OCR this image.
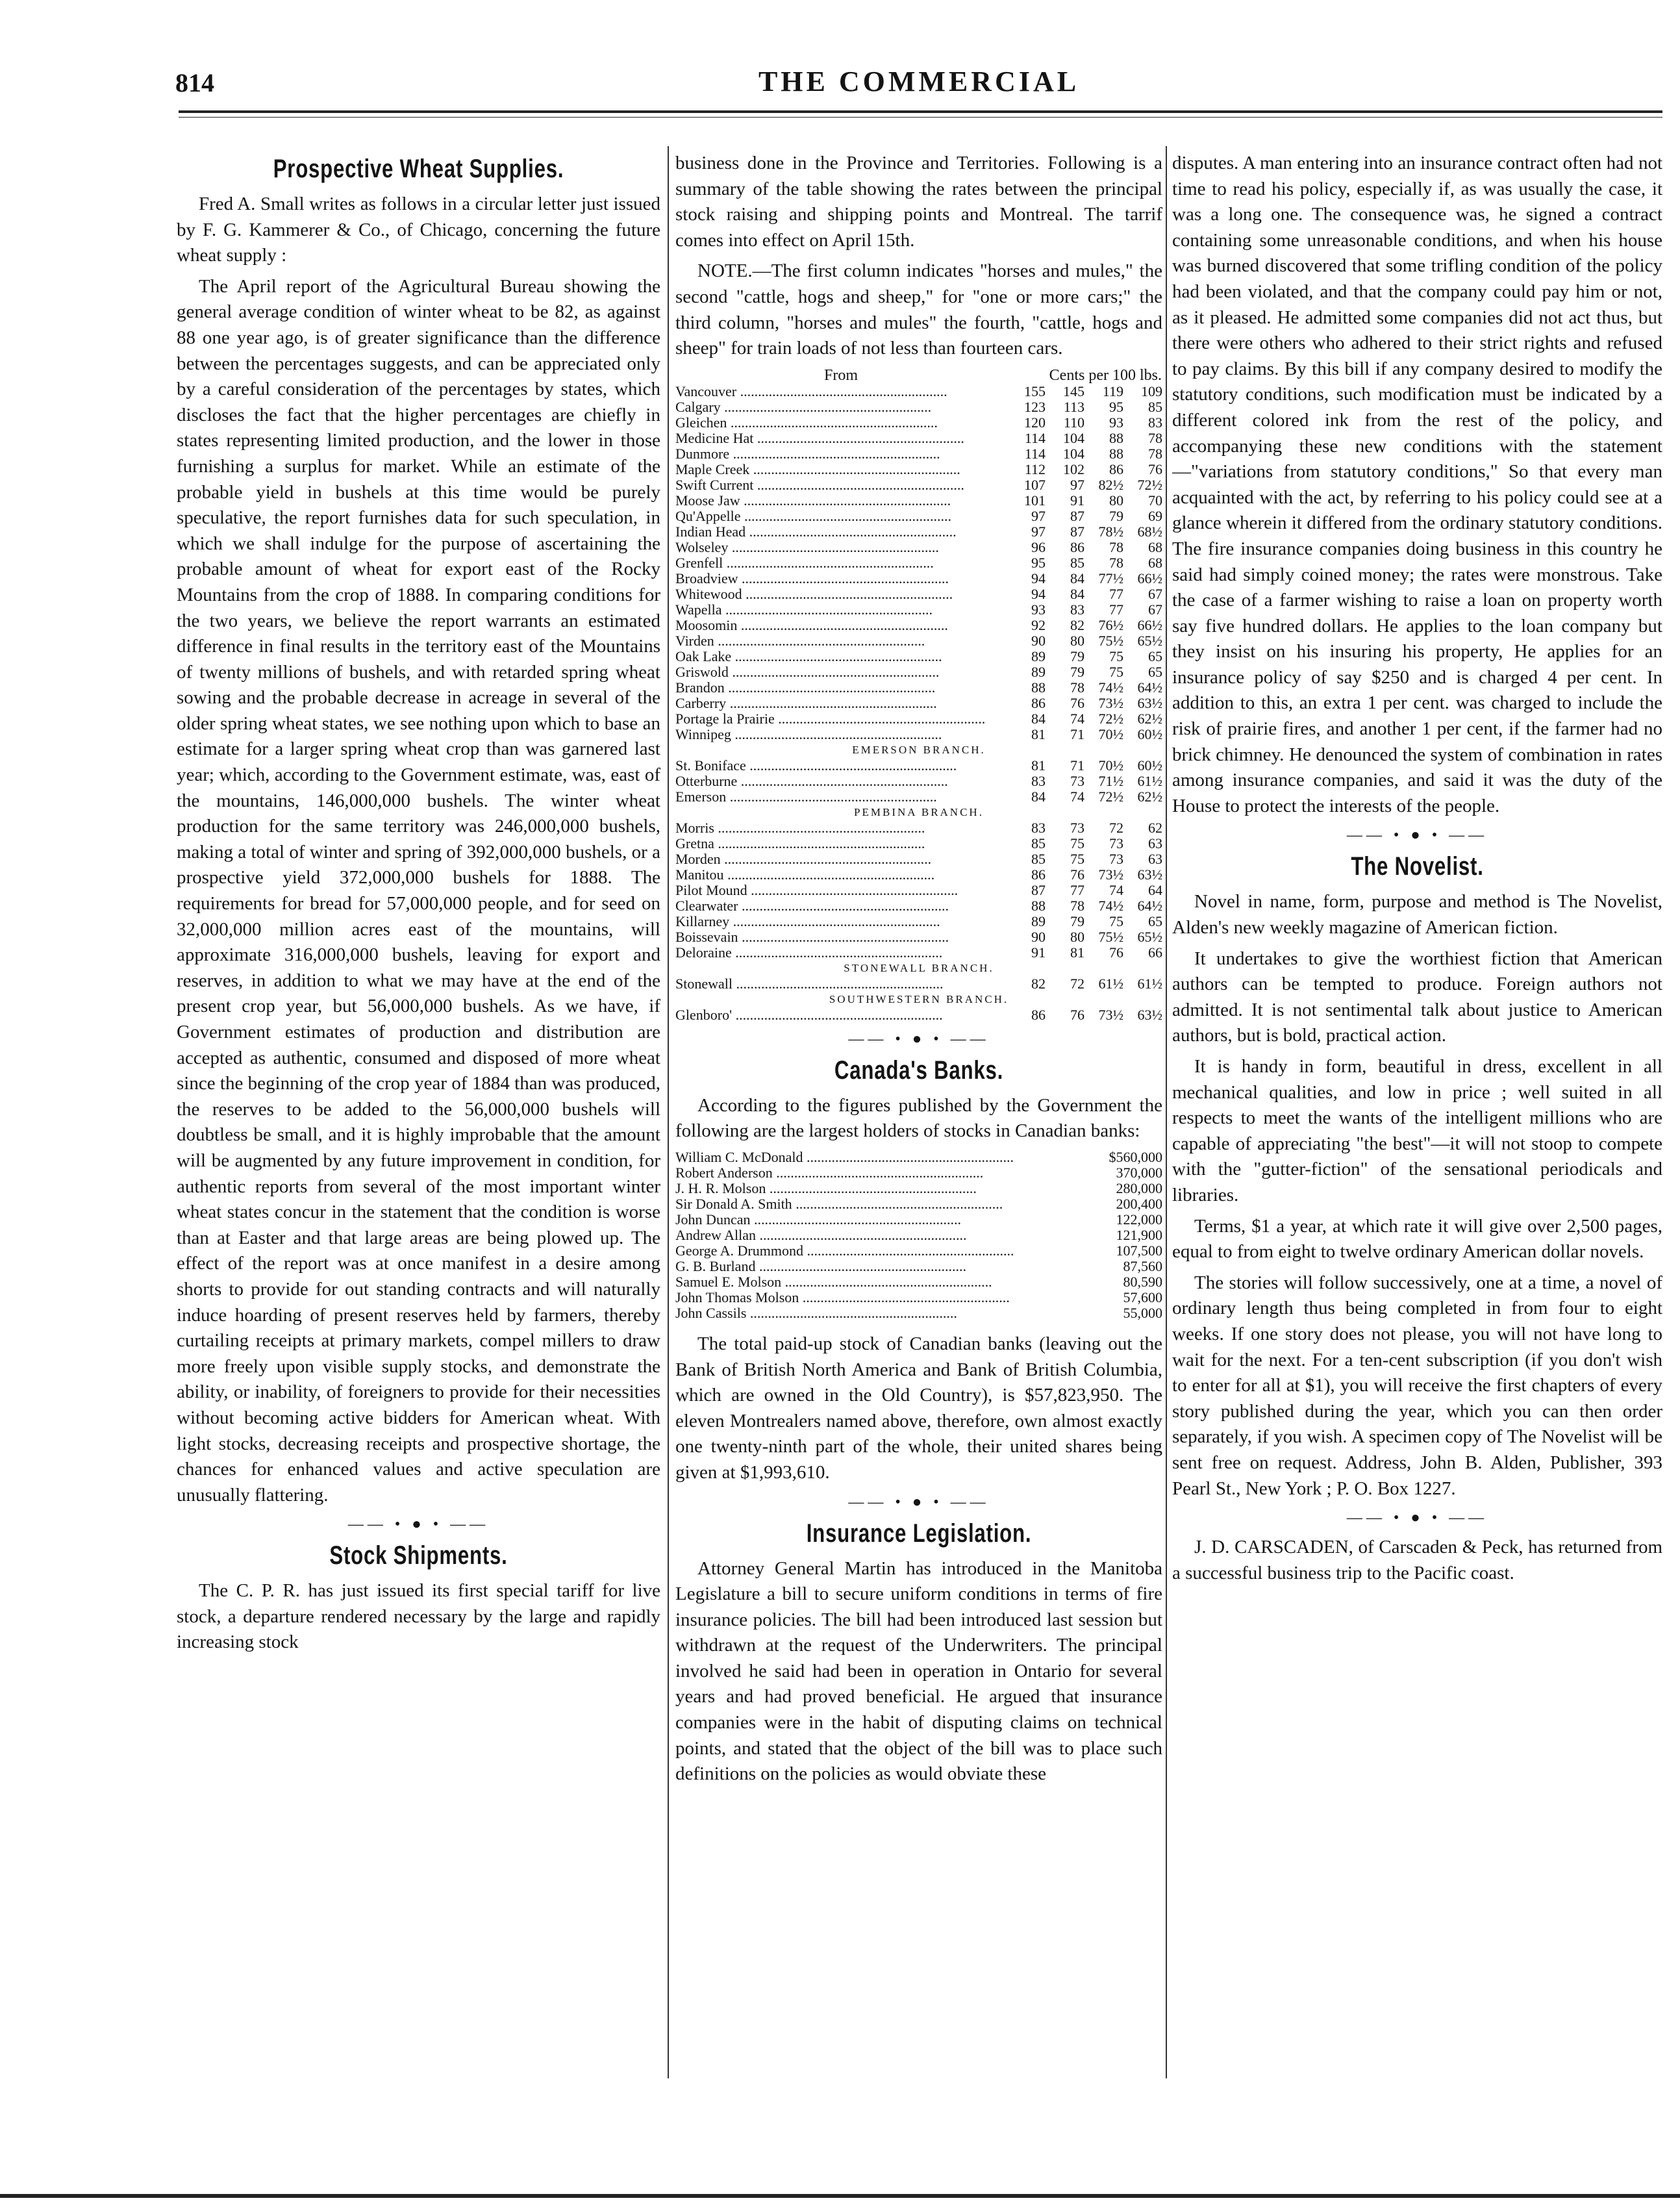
814	THE COMMERCIAL
Prospective Wheat Supplies.

Fred A. Small writes as follows in a circular letter just issued by F. G. Kammerer & Co., of Chicago, concerning the future wheat supply :

The April report of the Agricultural Bureau showing the general average condition of winter wheat to be 82, as against 88 one year ago, is of greater significance than the difference between the percentages suggests, and can be appreciated only by a careful consideration of the percentages by states, which discloses the fact that the higher percentages are chiefly in states representing limited production, and the lower in those furnishing a surplus for market. While an estimate of the probable yield in bushels at this time would be purely speculative, the report furnishes data for such speculation, in which we shall indulge for the purpose of ascertaining the probable amount of wheat for export east of the Rocky Mountains from the crop of 1888. In comparing conditions for the two years, we believe the report warrants an estimated difference in final results in the territory east of the Mountains of twenty millions of bushels, and with retarded spring wheat sowing and the probable decrease in acreage in several of the older spring wheat states, we see nothing upon which to base an estimate for a larger spring wheat crop than was garnered last year; which, according to the Government estimate, was, east of the mountains, 146,000,000 bushels. The winter wheat production for the same territory was 246,000,000 bushels, making a total of winter and spring of 392,000,000 bushels, or a prospective yield 372,000,000 bushels for 1888. The requirements for bread for 57,000,000 people, and for seed on 32,000,000 million acres east of the mountains, will approximate 316,000,000 bushels, leaving for export and reserves, in addition to what we may have at the end of the present crop year, but 56,000,000 bushels. As we have, if Government estimates of production and distribution are accepted as authentic, consumed and disposed of more wheat since the beginning of the crop year of 1884 than was produced, the reserves to be added to the 56,000,000 bushels will doubtless be small, and it is highly improbable that the amount will be augmented by any future improvement in condition, for authentic reports from several of the most important winter wheat states concur in the statement that the condition is worse than at Easter and that large areas are being plowed up. The effect of the report was at once manifest in a desire among shorts to provide for out standing contracts and will naturally induce hoarding of present reserves held by farmers, thereby curtailing receipts at primary markets, compel millers to draw more freely upon visible supply stocks, and demonstrate the ability, or inability, of foreigners to provide for their necessities without becoming active bidders for American wheat. With light stocks, decreasing receipts and prospective shortage, the chances for enhanced values and active speculation are unusually flattering.

—— • ● • ——
Stock Shipments.

The C. P. R. has just issued its first special tariff for live stock, a departure rendered necessary by the large and rapidly increasing stock

business done in the Province and Territories. Following is a summary of the table showing the rates between the principal stock raising and shipping points and Montreal. The tarrif comes into effect on April 15th.

NOTE.—The first column indicates "horses and mules," the second "cattle, hogs and sheep," for "one or more cars;" the third column, "horses and mules" the fourth, "cattle, hogs and sheep" for train loads of not less than fourteen cars.

From	Cents per 100 lbs.			
Vancouver .....	155	145	119	109
Calgary .....	123	113	95	85
Gleichen .....	120	110	93	83
Medicine Hat .....	114	104	88	78
Dunmore .....	114	104	88	78
Maple Creek .....	112	102	86	76
Swift Current .....	107	97	82½	72½
Moose Jaw .....	101	91	80	70
Qu'Appelle .....	97	87	79	69
Indian Head .....	97	87	78½	68½
Wolseley .....	96	86	78	68
Grenfell .....	95	85	78	68
Broadview .....	94	84	77½	66½
Whitewood .....	94	84	77	67
Wapella .....	93	83	77	67
Moosomin .....	92	82	76½	66½
Virden .....	90	80	75½	65½
Oak Lake .....	89	79	75	65
Griswold .....	89	79	75	65
Brandon .....	88	78	74½	64½
Carberry .....	86	76	73½	63½
Portage la Prairie .....	84	74	72½	62½
Winnipeg .....	81	71	70½	60½
EMERSON BRANCH.				
St. Boniface .....	81	71	70½	60½
Otterburne .....	83	73	71½	61½
Emerson .....	84	74	72½	62½
PEMBINA BRANCH.				
Morris .....	83	73	72	62
Gretna .....	85	75	73	63
Morden .....	85	75	73	63
Manitou .....	86	76	73½	63½
Pilot Mound .....	87	77	74	64
Clearwater .....	88	78	74½	64½
Killarney .....	89	79	75	65
Boissevain .....	90	80	75½	65½
Deloraine .....	91	81	76	66
STONEWALL BRANCH.				
Stonewall .....	82	72	61½	61½
SOUTHWESTERN BRANCH.				
Glenboro' .....	86	76	73½	63½
—— • ● • ——
Canada's Banks.

According to the figures published by the Government the following are the largest holders of stocks in Canadian banks:

William C. McDonald .....	$560,000
Robert Anderson .....	370,000
J. H. R. Molson .....	280,000
Sir Donald A. Smith .....	200,400
John Duncan .....	122,000
Andrew Allan .....	121,900
George A. Drummond .....	107,500
G. B. Burland .....	87,560
Samuel E. Molson .....	80,590
John Thomas Molson .....	57,600
John Cassils .....	55,000

The total paid-up stock of Canadian banks (leaving out the Bank of British North America and Bank of British Columbia, which are owned in the Old Country), is $57,823,950. The eleven Montrealers named above, therefore, own almost exactly one twenty-ninth part of the whole, their united shares being given at $1,993,610.

—— • ● • ——
Insurance Legislation.

Attorney General Martin has introduced in the Manitoba Legislature a bill to secure uniform conditions in terms of fire insurance policies. The bill had been introduced last session but withdrawn at the request of the Underwriters. The principal involved he said had been in operation in Ontario for several years and had proved beneficial. He argued that insurance companies were in the habit of disputing claims on technical points, and stated that the object of the bill was to place such definitions on the policies as would obviate these

disputes. A man entering into an insurance contract often had not time to read his policy, especially if, as was usually the case, it was a long one. The consequence was, he signed a contract containing some unreasonable conditions, and when his house was burned discovered that some trifling condition of the policy had been violated, and that the company could pay him or not, as it pleased. He admitted some companies did not act thus, but there were others who adhered to their strict rights and refused to pay claims. By this bill if any company desired to modify the statutory conditions, such modification must be indicated by a different colored ink from the rest of the policy, and accompanying these new conditions with the statement—"variations from statutory conditions," So that every man acquainted with the act, by referring to his policy could see at a glance wherein it differed from the ordinary statutory conditions. The fire insurance companies doing business in this country he said had simply coined money; the rates were monstrous. Take the case of a farmer wishing to raise a loan on property worth say five hundred dollars. He applies to the loan company but they insist on his insuring his property, He applies for an insurance policy of say $250 and is charged 4 per cent. In addition to this, an extra 1 per cent. was charged to include the risk of prairie fires, and another 1 per cent, if the farmer had no brick chimney. He denounced the system of combination in rates among insurance companies, and said it was the duty of the House to protect the interests of the people.

—— • ● • ——
The Novelist.

Novel in name, form, purpose and method is The Novelist, Alden's new weekly magazine of American fiction.

It undertakes to give the worthiest fiction that American authors can be tempted to produce. Foreign authors not admitted. It is not sentimental talk about justice to American authors, but is bold, practical action.

It is handy in form, beautiful in dress, excellent in all mechanical qualities, and low in price ; well suited in all respects to meet the wants of the intelligent millions who are capable of appreciating "the best"—it will not stoop to compete with the "gutter-fiction" of the sensational periodicals and libraries.

Terms, $1 a year, at which rate it will give over 2,500 pages, equal to from eight to twelve ordinary American dollar novels.

The stories will follow successively, one at a time, a novel of ordinary length thus being completed in from four to eight weeks. If one story does not please, you will not have long to wait for the next. For a ten-cent subscription (if you don't wish to enter for all at $1), you will receive the first chapters of every story published during the year, which you can then order separately, if you wish. A specimen copy of The Novelist will be sent free on request. Address, John B. Alden, Publisher, 393 Pearl St., New York ; P. O. Box 1227.

—— • ● • ——

J. D. CARSCADEN, of Carscaden & Peck, has returned from a successful business trip to the Pacific coast.
